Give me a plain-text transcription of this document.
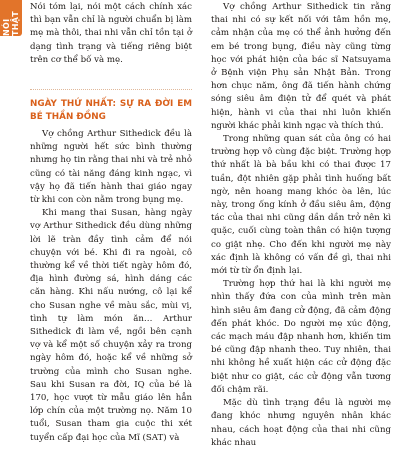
NÓI THẬT

Nói tóm lại, nói một cách chính xác thì bạn vẫn chỉ là người chuẩn bị làm mẹ mà thôi, thai nhi vẫn chỉ tồn tại ở dạng tình trạng và tiếng riêng biệt trên cơ thể bố và mẹ.

NGÀY THỨ NHẤT: SỰ RA ĐỜI EM BÉ THẦN ĐỒNG

Vợ chồng Arthur Sithedick đều là những người hết sức bình thường nhưng họ tin rằng thai nhi và trẻ nhỏ cũng có tài năng đáng kinh ngạc, vì vậy họ đã tiến hành thai giáo ngay từ khi con còn nằm trong bụng mẹ.

Khi mang thai Susan, hàng ngày vợ Arthur Sithedick đều dùng những lời lẽ tràn đầy tình cảm để nói chuyện với bé. Khi đi ra ngoài, cô thường kể về thời tiết ngày hôm đó, địa hình đường sá, hình dáng các căn hàng. Khi nấu nướng, cô lại kể cho Susan nghe về màu sắc, mùi vị, tình tự làm món ăn… Arthur Sithedick đi làm về, ngồi bên cạnh vợ và kể một số chuyện xảy ra trong ngày hôm đó, hoặc kể về những sở trường của mình cho Susan nghe. Sau khi Susan ra đời, IQ của bé là 170, học vượt từ mẫu giáo lên hẳn lớp chín của một trường nọ. Năm 10 tuổi, Susan tham gia cuộc thi xét tuyển cấp đại học của Mĩ (SAT) và

Vợ chồng Arthur Sithedick tin rằng thai nhi có sự kết nối với tâm hồn mẹ, cảm nhận của mẹ có thể ảnh hưởng đến em bé trong bụng, điều này cũng từng học với phát hiện của bác sĩ Natsuyama ở Bệnh viện Phụ sản Nhật Bản. Trong hơn chục năm, ông đã tiến hành chứng sóng siêu âm điện tử để quét và phát hiện, hành vi của thai nhi luôn khiến người khác phải kinh ngạc và thích thú.

Trong những quan sát của ông có hai trường hợp vô cùng đặc biệt. Trường hợp thứ nhất là bà bầu khi có thai được 17 tuần, đột nhiên gặp phải tình huống bất ngờ, nên hoang mang khóc òa lên, lúc này, trong ống kính ở đầu siêu âm, động tác của thai nhi cũng dần dần trở nên kì quặc, cuối cùng toàn thân có hiện tượng co giật nhẹ. Cho đến khi người mẹ này xác định là không có vấn đề gì, thai nhi mới từ từ ổn định lại.

Trường hợp thứ hai là khi người mẹ nhìn thấy đứa con của mình trên màn hình siêu âm đang cử động, đã cảm động đến phát khóc. Do người mẹ xúc động, các mạch máu đập nhanh hơn, khiến tim bé cũng đập nhanh theo. Tuy nhiên, thai nhi không hề xuất hiện các cử động đặc biệt như co giật, các cử động vẫn tương đối chậm rãi.

Mặc dù tình trạng đều là người mẹ đang khóc nhưng nguyên nhân khác nhau, cách hoạt động của thai nhi cũng khác nhau
